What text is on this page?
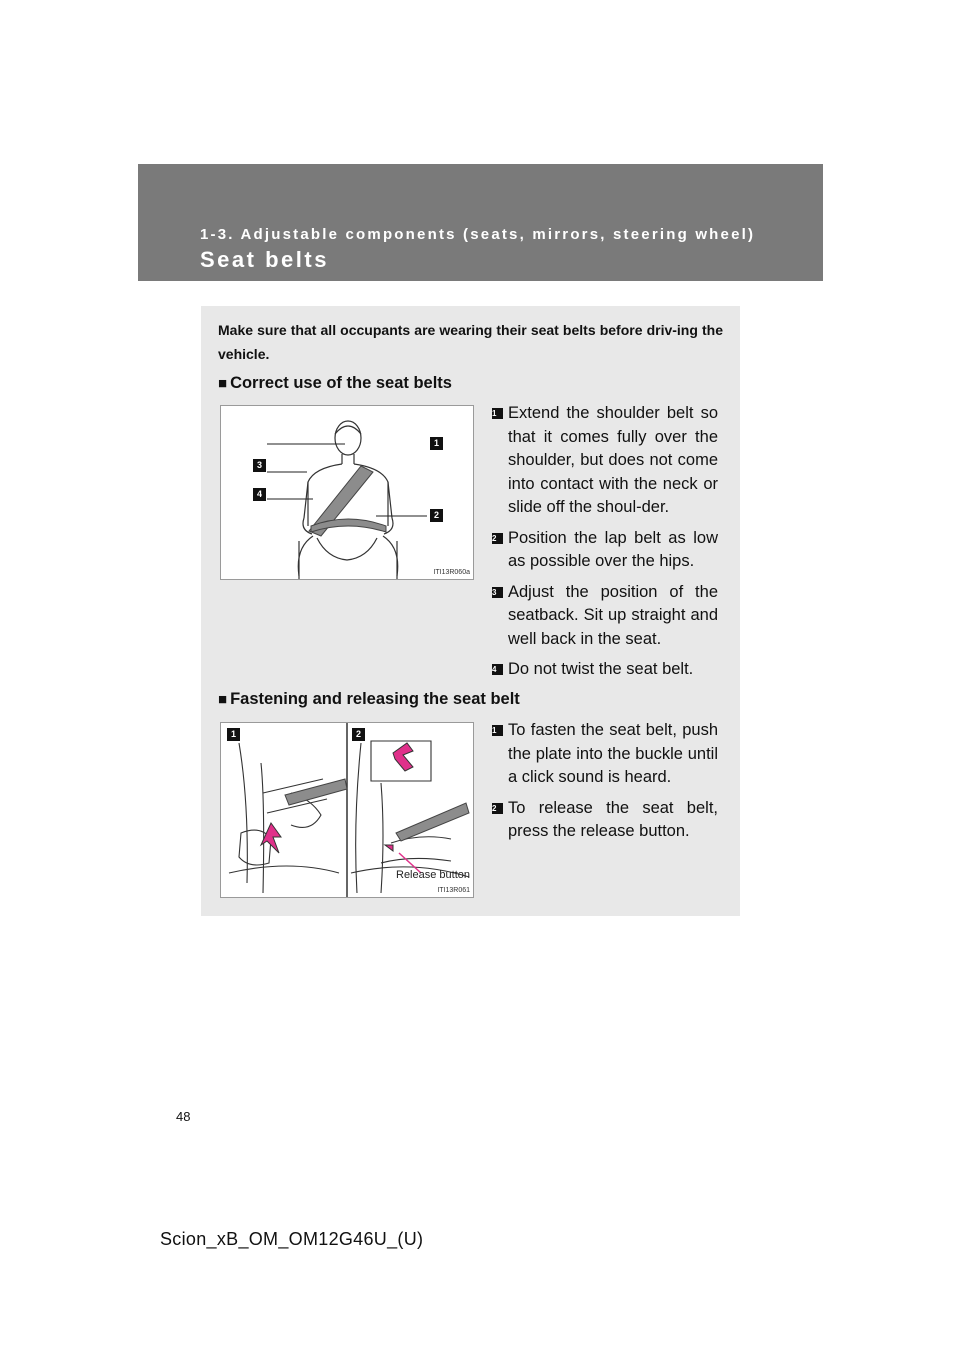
1-3. Adjustable components (seats, mirrors, steering wheel)
Seat belts
Make sure that all occupants are wearing their seat belts before driv-ing the vehicle.
■ Correct use of the seat belts
1
3
4
2
ITI13R060a
1 Extend the shoulder belt so that it comes fully over the shoulder, but does not come into contact with the neck or slide off the shoul-der.
2 Position the lap belt as low as possible over the hips.
3 Adjust the position of the seatback. Sit up straight and well back in the seat.
4 Do not twist the seat belt.
■ Fastening and releasing the seat belt
1	2
Release button
ITI13R061
1 To fasten the seat belt, push the plate into the buckle until a click sound is heard.
2 To release the seat belt, press the release button.
48
Scion_xB_OM_OM12G46U_(U)
